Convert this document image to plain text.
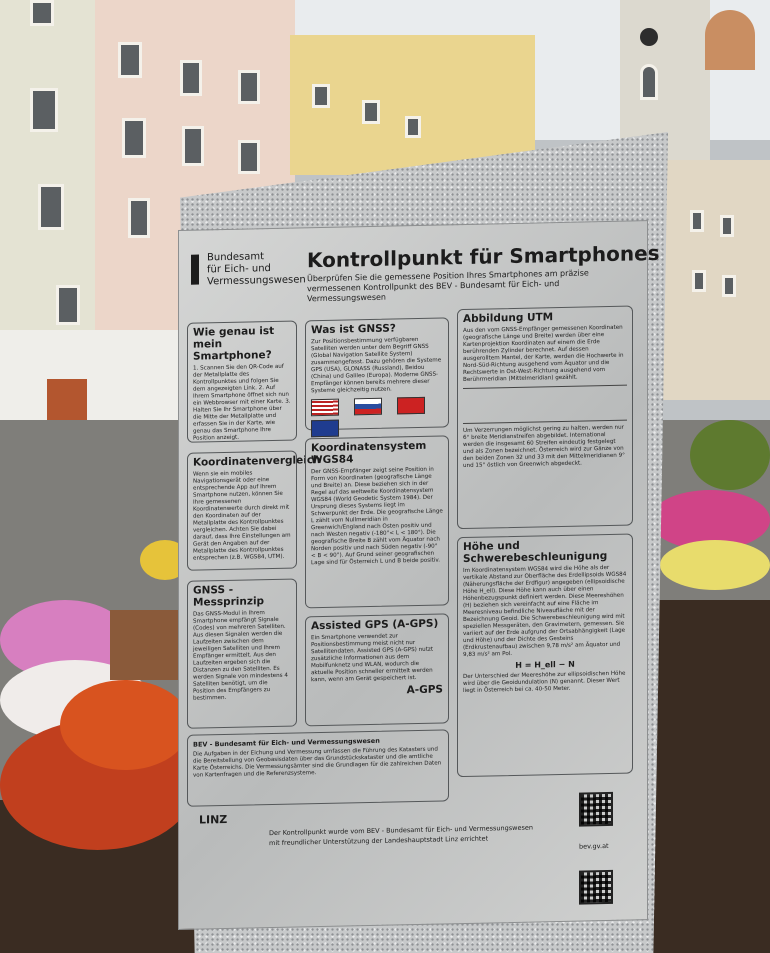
Bundesamt
für Eich- und
Vermessungswesen
Kontrollpunkt für Smartphones
Überprüfen Sie die gemessene Position Ihres Smartphones am präzise vermessenen Kontrollpunkt des BEV - Bundesamt für Eich- und Vermessungswesen
Wie genau ist mein Smartphone?
1. Scannen Sie den QR-Code auf der Metallplatte des Kontrollpunktes und folgen Sie dem angezeigten Link. 2. Auf Ihrem Smartphone öffnet sich nun ein Webbrowser mit einer Karte. 3. Halten Sie Ihr Smartphone über die Mitte der Metallplatte und erfassen Sie in der Karte, wie genau das Smartphone Ihre Position anzeigt.
Koordinatenvergleich
Wenn sie ein mobiles Navigationsgerät oder eine entsprechende App auf Ihrem Smartphone nutzen, können Sie Ihre gemessenen Koordinatenwerte durch direkt mit den Koordinaten auf der Metallplatte des Kontrollpunktes vergleichen. Achten Sie dabei darauf, dass Ihre Einstellungen am Gerät den Angaben auf der Metallplatte des Kontrollpunktes entsprechen (z.B. WGS84, UTM).
GNSS - Messprinzip
Das GNSS-Modul in Ihrem Smartphone empfängt Signale (Codes) von mehreren Satelliten. Aus diesen Signalen werden die Laufzeiten zwischen dem jeweiligen Satelliten und Ihrem Empfänger ermittelt. Aus den Laufzeiten ergeben sich die Distanzen zu den Satelliten. Es werden Signale von mindestens 4 Satelliten benötigt, um die Position des Empfängers zu bestimmen.
Was ist GNSS?
Zur Positionsbestimmung verfügbaren Satelliten werden unter dem Begriff GNSS (Global Navigation Satellite System) zusammengefasst. Dazu gehören die Systeme GPS (USA), GLONASS (Russland), Beidou (China) und Galileo (Europa). Moderne GNSS-Empfänger können bereits mehrere dieser Systeme gleichzeitig nutzen.

Koordinatensystem WGS84
Der GNSS-Empfänger zeigt seine Position in Form von Koordinaten (geografische Länge und Breite) an. Diese beziehen sich in der Regel auf das weltweite Koordinatensystem WGS84 (World Geodetic System 1984). Der Ursprung dieses Systems liegt im Schwerpunkt der Erde. Die geografische Länge L zählt vom Nullmeridian in Greenwich/England nach Osten positiv und nach Westen negativ (-180°< L < 180°). Die geografische Breite B zählt vom Äquator nach Norden positiv und nach Süden negativ (-90° < B < 90°). Auf Grund seiner geografischen Lage sind für Österreich L und B beide positiv.
Assisted GPS (A-GPS)
Ein Smartphone verwendet zur Positionsbestimmung meist nicht nur Satellitendaten. Assisted GPS (A-GPS) nutzt zusätzliche Informationen aus dem Mobilfunknetz und WLAN, wodurch die aktuelle Position schneller ermittelt werden kann, wenn am Gerät gespeichert ist.
A-GPS
Abbildung UTM
Aus den vom GNSS-Empfänger gemessenen Koordinaten (geografische Länge und Breite) werden über eine Kartenprojektion Koordinaten auf einem die Erde berührenden Zylinder berechnet. Auf dessen ausgerolltem Mantel, der Karte, werden die Hochwerte in Nord-Süd-Richtung ausgehend vom Äquator und die Rechtswerte in Ost-West-Richtung ausgehend vom Berührmeridian (Mittelmeridian) gezählt.
Um Verzerrungen möglichst gering zu halten, werden nur 6° breite Meridianstreifen abgebildet. International werden die insgesamt 60 Streifen eindeutig festgelegt und als Zonen bezeichnet. Österreich wird zur Gänze von den beiden Zonen 32 und 33 mit den Mittelmeridianen 9° und 15° östlich von Greenwich abgedeckt.
Höhe und Schwerebeschleunigung
Im Koordinatensystem WGS84 wird die Höhe als der vertikale Abstand zur Oberfläche des Erdellipsoids WGS84 (Näherungsfläche der Erdfigur) angegeben (ellipsoidische Höhe H_ell). Diese Höhe kann auch über einen Höhenbezugspunkt definiert werden. Diese Meereshöhen (H) beziehen sich vereinfacht auf eine Fläche im Meeresniveau befindliche Niveaufläche mit der Bezeichnung Geoid. Die Schwerebeschleunigung wird mit speziellen Messgeräten, den Gravimetern, gemessen. Sie variiert auf der Erde aufgrund der Ortsabhängigkeit (Lage und Höhe) und der Dichte des Gesteins (Erdkrustenaufbau) zwischen 9,78 m/s² am Äquator und 9,83 m/s² am Pol.
H = H_ell − N
Der Unterschied der Meereshöhe zur ellipsoidischen Höhe wird über die Geoidundulation (N) genannt. Dieser Wert liegt in Österreich bei ca. 40-50 Meter.
BEV - Bundesamt für Eich- und Vermessungswesen
Die Aufgaben in der Eichung und Vermessung umfassen die Führung des Katasters und die Bereitstellung von Geobasisdaten über das Grundstückskataster und die amtliche Karte Österreichs. Die Vermessungsämter sind die Grundlagen für die zahlreichen Daten von Kartenfragen und die Referenzsysteme.
LINZ
Der Kontrollpunkt wurde vom BEV - Bundesamt für Eich- und Vermessungswesen
mit freundlicher Unterstützung der Landeshauptstadt Linz errichtet	bev.gv.at
